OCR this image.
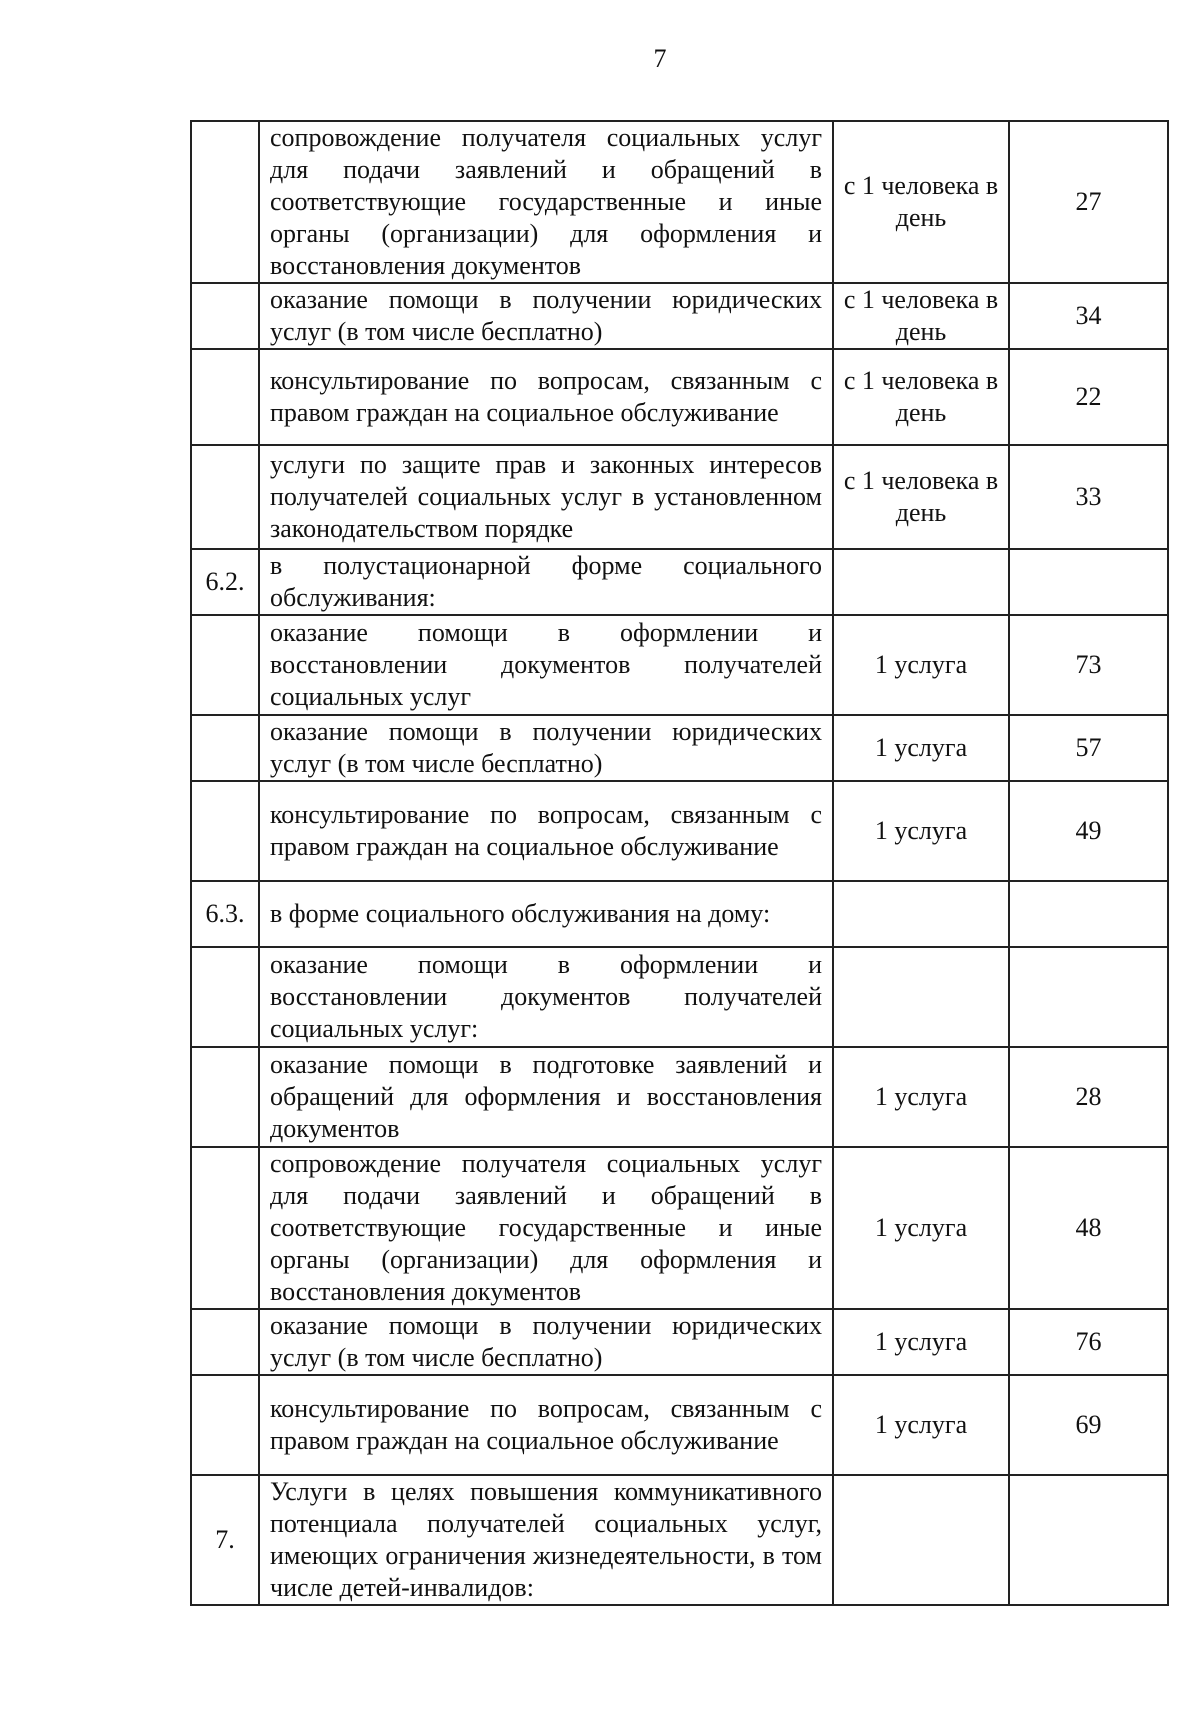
7
	сопровождение получателя социальных услуг для подачи заявлений и обращений в соответствующие государственные и иные органы (организации) для оформления и восстановления документов	с 1 человека в день	27
	оказание помощи в получении юридических услуг (в том числе бесплатно)	с 1 человека в день	34
	консультирование по вопросам, связанным с правом граждан на социальное обслуживание	с 1 человека в день	22
	услуги по защите прав и законных интересов получателей социальных услуг в установленном законодательством порядке	с 1 человека в день	33
6.2.	в полустационарной форме социального обслуживания:		
	оказание помощи в оформлении и восстановлении документов получателей социальных услуг	1 услуга	73
	оказание помощи в получении юридических услуг (в том числе бесплатно)	1 услуга	57
	консультирование по вопросам, связанным с правом граждан на социальное обслуживание	1 услуга	49
6.3.	в форме социального обслуживания на дому:		
	оказание помощи в оформлении и восстановлении документов получателей социальных услуг:		
	оказание помощи в подготовке заявлений и обращений для оформления и восстановления документов	1 услуга	28
	сопровождение получателя социальных услуг для подачи заявлений и обращений в соответствующие государственные и иные органы (организации) для оформления и восстановления документов	1 услуга	48
	оказание помощи в получении юридических услуг (в том числе бесплатно)	1 услуга	76
	консультирование по вопросам, связанным с правом граждан на социальное обслуживание	1 услуга	69
7.	Услуги в целях повышения коммуникативного потенциала получателей социальных услуг, имеющих ограничения жизнедеятельности, в том числе детей-инвалидов:		
